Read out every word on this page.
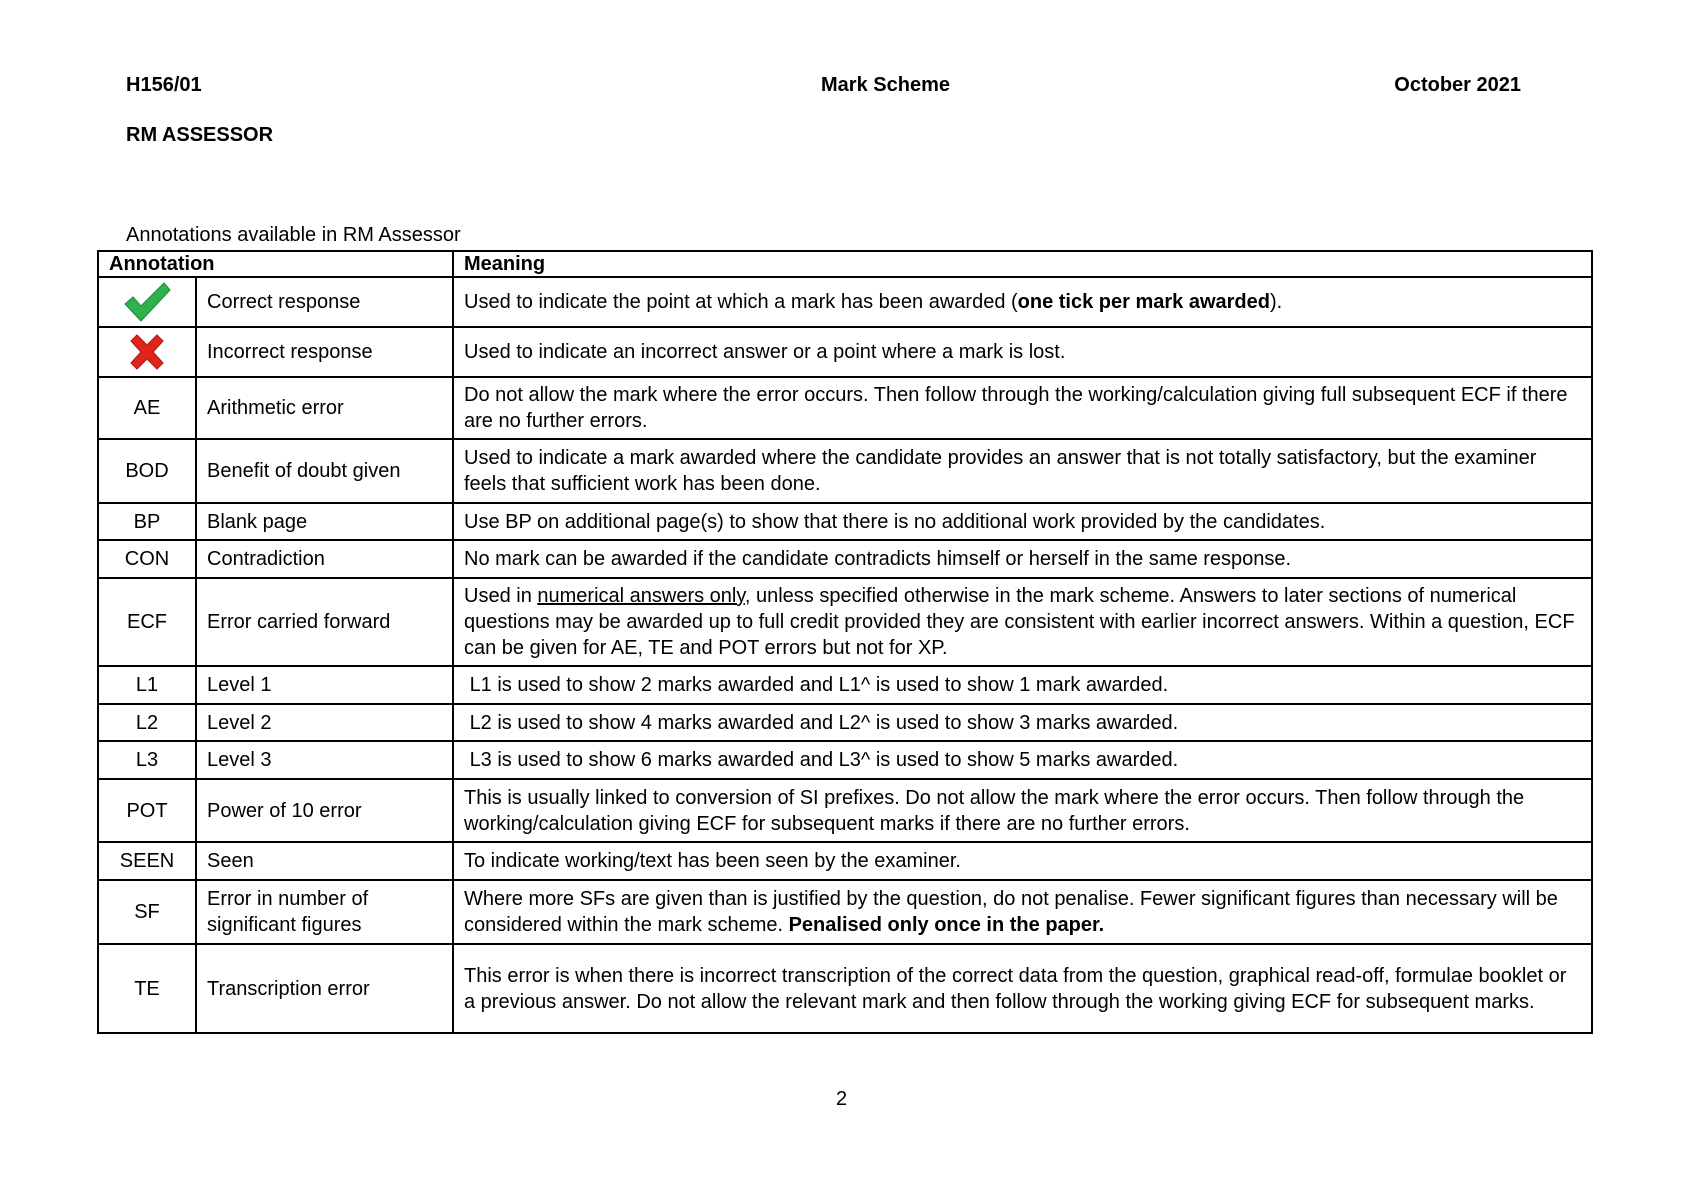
H156/01	Mark Scheme	October 2021
RM ASSESSOR
Annotations available in RM Assessor
Annotation		Meaning

	Correct response	Used to indicate the point at which a mark has been awarded (one tick per mark awarded).

	Incorrect response	Used to indicate an incorrect answer or a point where a mark is lost.
AE	Arithmetic error	Do not allow the mark where the error occurs. Then follow through the working/calculation giving full subsequent ECF if there are no further errors.
BOD	Benefit of doubt given	Used to indicate a mark awarded where the candidate provides an answer that is not totally satisfactory, but the examiner feels that sufficient work has been done.
BP	Blank page	Use BP on additional page(s) to show that there is no additional work provided by the candidates.
CON	Contradiction	No mark can be awarded if the candidate contradicts himself or herself in the same response.
ECF	Error carried forward	Used in numerical answers only, unless specified otherwise in the mark scheme. Answers to later sections of numerical questions may be awarded up to full credit provided they are consistent with earlier incorrect answers. Within a question, ECF can be given for AE, TE and POT errors but not for XP.
L1	Level 1	L1 is used to show 2 marks awarded and L1^ is used to show 1 mark awarded.
L2	Level 2	L2 is used to show 4 marks awarded and L2^ is used to show 3 marks awarded.
L3	Level 3	L3 is used to show 6 marks awarded and L3^ is used to show 5 marks awarded.
POT	Power of 10 error	This is usually linked to conversion of SI prefixes. Do not allow the mark where the error occurs. Then follow through the working/calculation giving ECF for subsequent marks if there are no further errors.
SEEN	Seen	To indicate working/text has been seen by the examiner.
SF	Error in number of significant figures	Where more SFs are given than is justified by the question, do not penalise. Fewer significant figures than necessary will be considered within the mark scheme. Penalised only once in the paper.
TE	Transcription error	This error is when there is incorrect transcription of the correct data from the question, graphical read-off, formulae booklet or a previous answer. Do not allow the relevant mark and then follow through the working giving ECF for subsequent marks.
2
